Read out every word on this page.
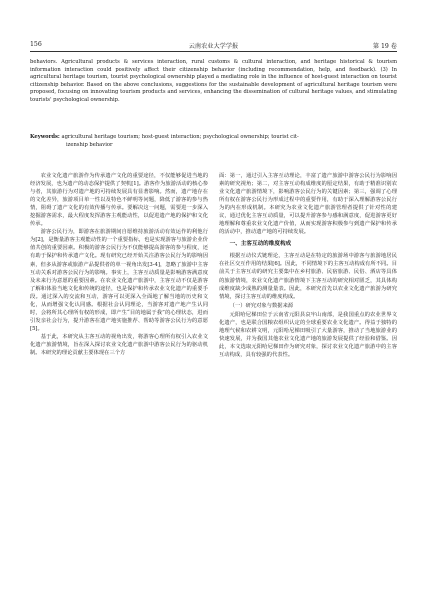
156	云南农业大学学报	第 19 卷
behaviors. Agricultural products & services interaction, rural customs & cultural interaction, and heritage historical & tourism information interaction could positively affect their citizenship behavior (including recommendation, help, and feedback). (3) In agricultural heritage tourism, tourist psychological ownership played a mediating role in the influence of host-guest interaction on tourist citizenship behavior. Based on the above conclusions, suggestions for the sustainable development of agricultural heritage tourism were proposed, focusing on innovating tourism products and services, enhancing the dissemination of cultural heritage values, and stimulating tourists' psychological ownership.
Keywords: agricultural heritage tourism; host-guest interaction; psychological ownership; tourist cit-
izenship behavior

农业文化遗产旅游作为传承遗产文化的重要途径，不仅能够促进当地的经济发展，也为遗产的动态保护提供了契机[1]。游客作为旅游活动的核心参与者，其旅游行为对遗产地的可持续发展具有显著影响。然而，遗产地存在的文化差异，旅游项目单一性以及特色不鲜明等问题，降低了游客的参与热情，阻碍了遗产文化的有效传播与传承。要解决这一问题，需要进一步深入挖掘游客需求，最大程度发挥游客主观能动性，以促进遗产地的保护和文化传承。

游客公民行为，即游客在旅游期间自愿维持旅游活动有效运作的利他行为[2]，是衡量游客主观能动性的一个重要指标，也是实现游客与旅游企业价值共创的重要因素。积极的游客公民行为不仅能够提高游客的参与程度，还有助于保护和传承遗产文化。现有研究已经开始关注游客公民行为的影响因素，但多从游客或旅游产品提供者的单一视角出发[3-4]，忽略了旅游中主客互动关系对游客公民行为的影响。事实上，主客互动质量是影响游客满意度及未来行为意愿的重要因素。在农业文化遗产旅游中，主客互动不仅是游客了解和体验当地文化和传统的途径，也是保护和传承农业文化遗产的重要手段。通过深入的交流和互动，游客可以更深入全面地了解当地的历史和文化，从而增强文化认同感。根据社会认同理论，当游客对遗产地产生认同时，会将所其心理所有权的形成，即产生“目的地属于我”的心理状态，进而引发亲社会行为，提升游客在遗产地实施推荐、帮助等游客公民行为的意愿[5]。

基于此，本研究从主客互动的视角出发，将游客心理所有权引入农业文化遗产旅游情境，旨在深入探讨农业文化遗产旅游中游客公民行为的驱动机制。本研究的理论贡献主要体现在三个方

面：第一，通过引入主客互动理论，丰富了遗产旅游中游客公民行为影响因素的研究视角；第二，对主客互动构成维度的厘定结果，有助于精准识别农业文化遗产旅游情境下，影响游客公民行为的关键因素；第三，强调了心理所有权在游客公民行为形成过程中的重要作用，有助于深入理解游客公民行为的内在形成机制。本研究为农业文化遗产旅游管理者提供了针对性的建议，通过优化主客互动质量，可以提升游客参与感和满意度，促进游客更好地理解和尊重农业文化遗产价值，从而实现游客积极参与到遗产保护和传承的活动中，推动遗产地的可持续发展。

一、主客互动的维度构成

根据互动仪式链理论，主客互动是在特定的旅游场中游客与旅游地居民在社区交互作用的结果[6]。因此，不同情境下的主客互动构成有所不同。目前关于主客互动的研究主要集中在乡村旅游、民宿旅游、民俗、酒店等具体的旅游情境，农业文化遗产旅游情境下主客互动的研究相对匮乏，其具体构成维度缺少成熟的测量量表。因此，本研究首先以农业文化遗产旅游为研究情境，探讨主客互动的维度构成。

（一）研究对象与数据来源

元阳哈尼梯田位于云南省元阳县哀牢山南部，是我国重点的农业世界文化遗产，也是联合国粮农组织认定的全球重要农业文化遗产。得益于独特的地理气候和农耕文明，元阳哈尼梯田吸引了大量游客，推动了当地旅游业的快速发展，并为我国其他农业文化遗产地的旅游发展提供了经验和借鉴。因此，本文选取元阳哈尼梯田作为研究对象，探讨农业文化遗产旅游中的主客互动构成，具有较强的代表性。
